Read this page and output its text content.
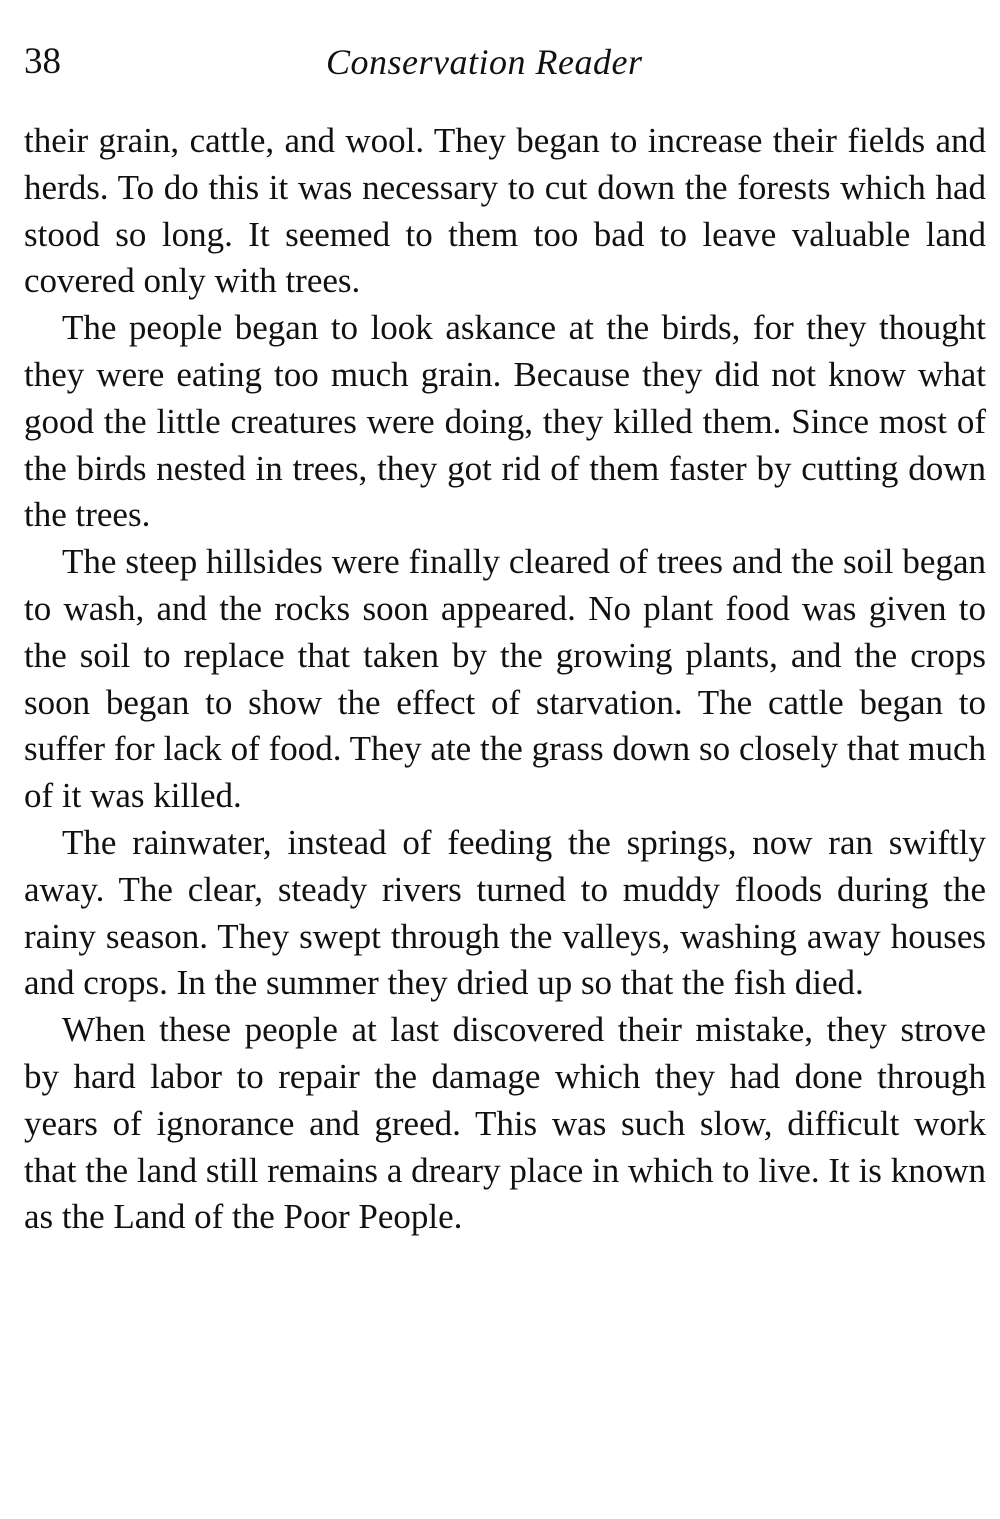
38	Conservation Reader

their grain, cattle, and wool. They began to increase their fields and herds. To do this it was necessary to cut down the forests which had stood so long. It seemed to them too bad to leave valuable land covered only with trees.

The people began to look askance at the birds, for they thought they were eating too much grain. Because they did not know what good the little creatures were doing, they killed them. Since most of the birds nested in trees, they got rid of them faster by cutting down the trees.

The steep hillsides were finally cleared of trees and the soil began to wash, and the rocks soon appeared. No plant food was given to the soil to replace that taken by the growing plants, and the crops soon began to show the effect of starvation. The cattle began to suffer for lack of food. They ate the grass down so closely that much of it was killed.

The rainwater, instead of feeding the springs, now ran swiftly away. The clear, steady rivers turned to muddy floods during the rainy season. They swept through the valleys, washing away houses and crops. In the summer they dried up so that the fish died.

When these people at last discovered their mistake, they strove by hard labor to repair the damage which they had done through years of ignorance and greed. This was such slow, difficult work that the land still remains a dreary place in which to live. It is known as the Land of the Poor People.
